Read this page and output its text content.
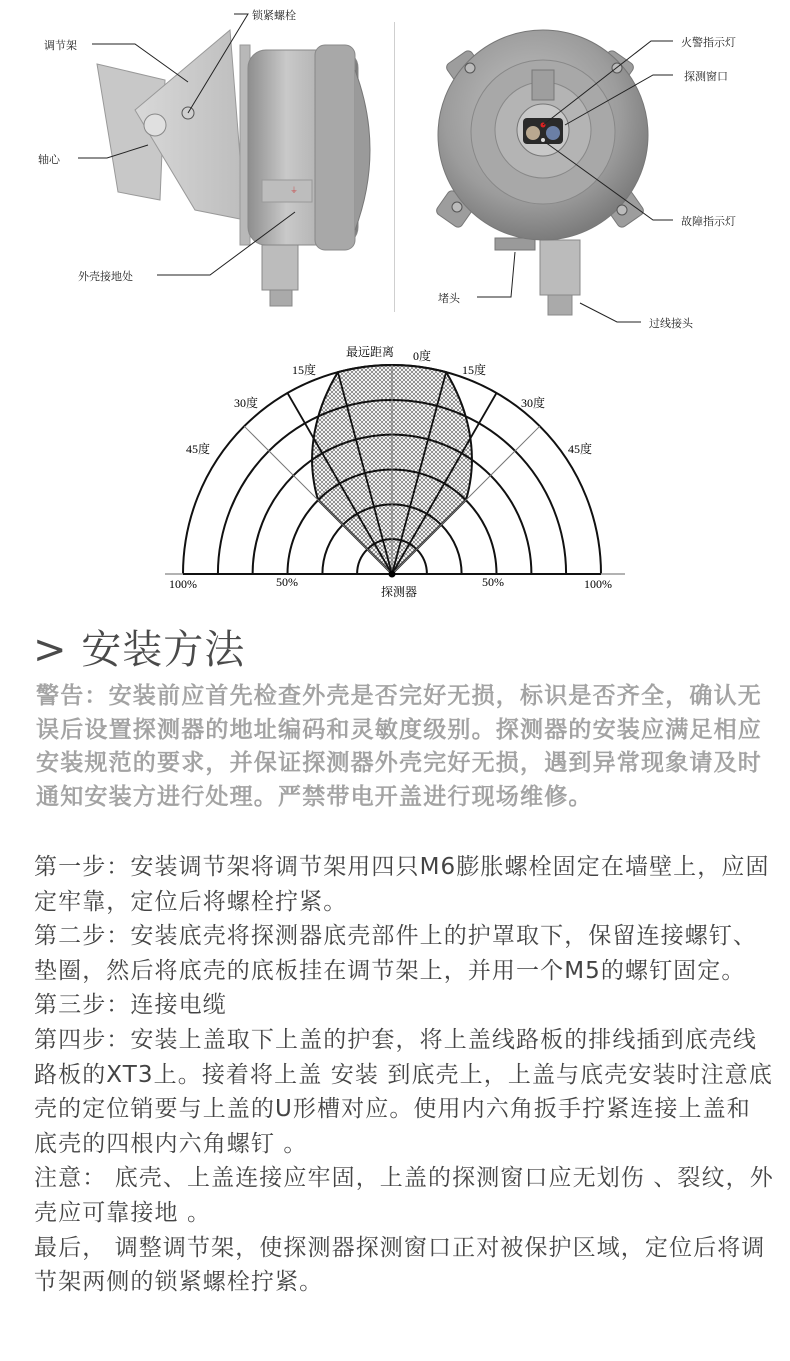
⏚
锁紧螺栓
调节架
轴心
外壳接地处
火警指示灯
探测窗口
故障指示灯
堵头
过线接头
最远距离 0度
15度	15度
30度	30度
45度	45度
100%	50%	50%	100%
探测器
> 安装方法
警告：安装前应首先检查外壳是否完好无损，标识是否齐全，确认无误后设置探测器的地址编码和灵敏度级别。探测器的安装应满足相应安装规范的要求，并保证探测器外壳完好无损，遇到异常现象请及时通知安装方进行处理。严禁带电开盖进行现场维修。

第一步：安装调节架将调节架用四只M6膨胀螺栓固定在墙壁上，应固定牢靠，定位后将螺栓拧紧。

第二步：安装底壳将探测器底壳部件上的护罩取下，保留连接螺钉、垫圈，然后将底壳的底板挂在调节架上，并用一个M5的螺钉固定。

第三步：连接电缆

第四步：安装上盖取下上盖的护套，将上盖线路板的排线插到底壳线路板的XT3上。接着将上盖 安装 到底壳上，上盖与底壳安装时注意底壳的定位销要与上盖的U形槽对应。使用内六角扳手拧紧连接上盖和底壳的四根内六角螺钉 。

注意： 底壳、上盖连接应牢固，上盖的探测窗口应无划伤 、裂纹，外壳应可靠接地 。

最后， 调整调节架，使探测器探测窗口正对被保护区域，定位后将调节架两侧的锁紧螺栓拧紧。
